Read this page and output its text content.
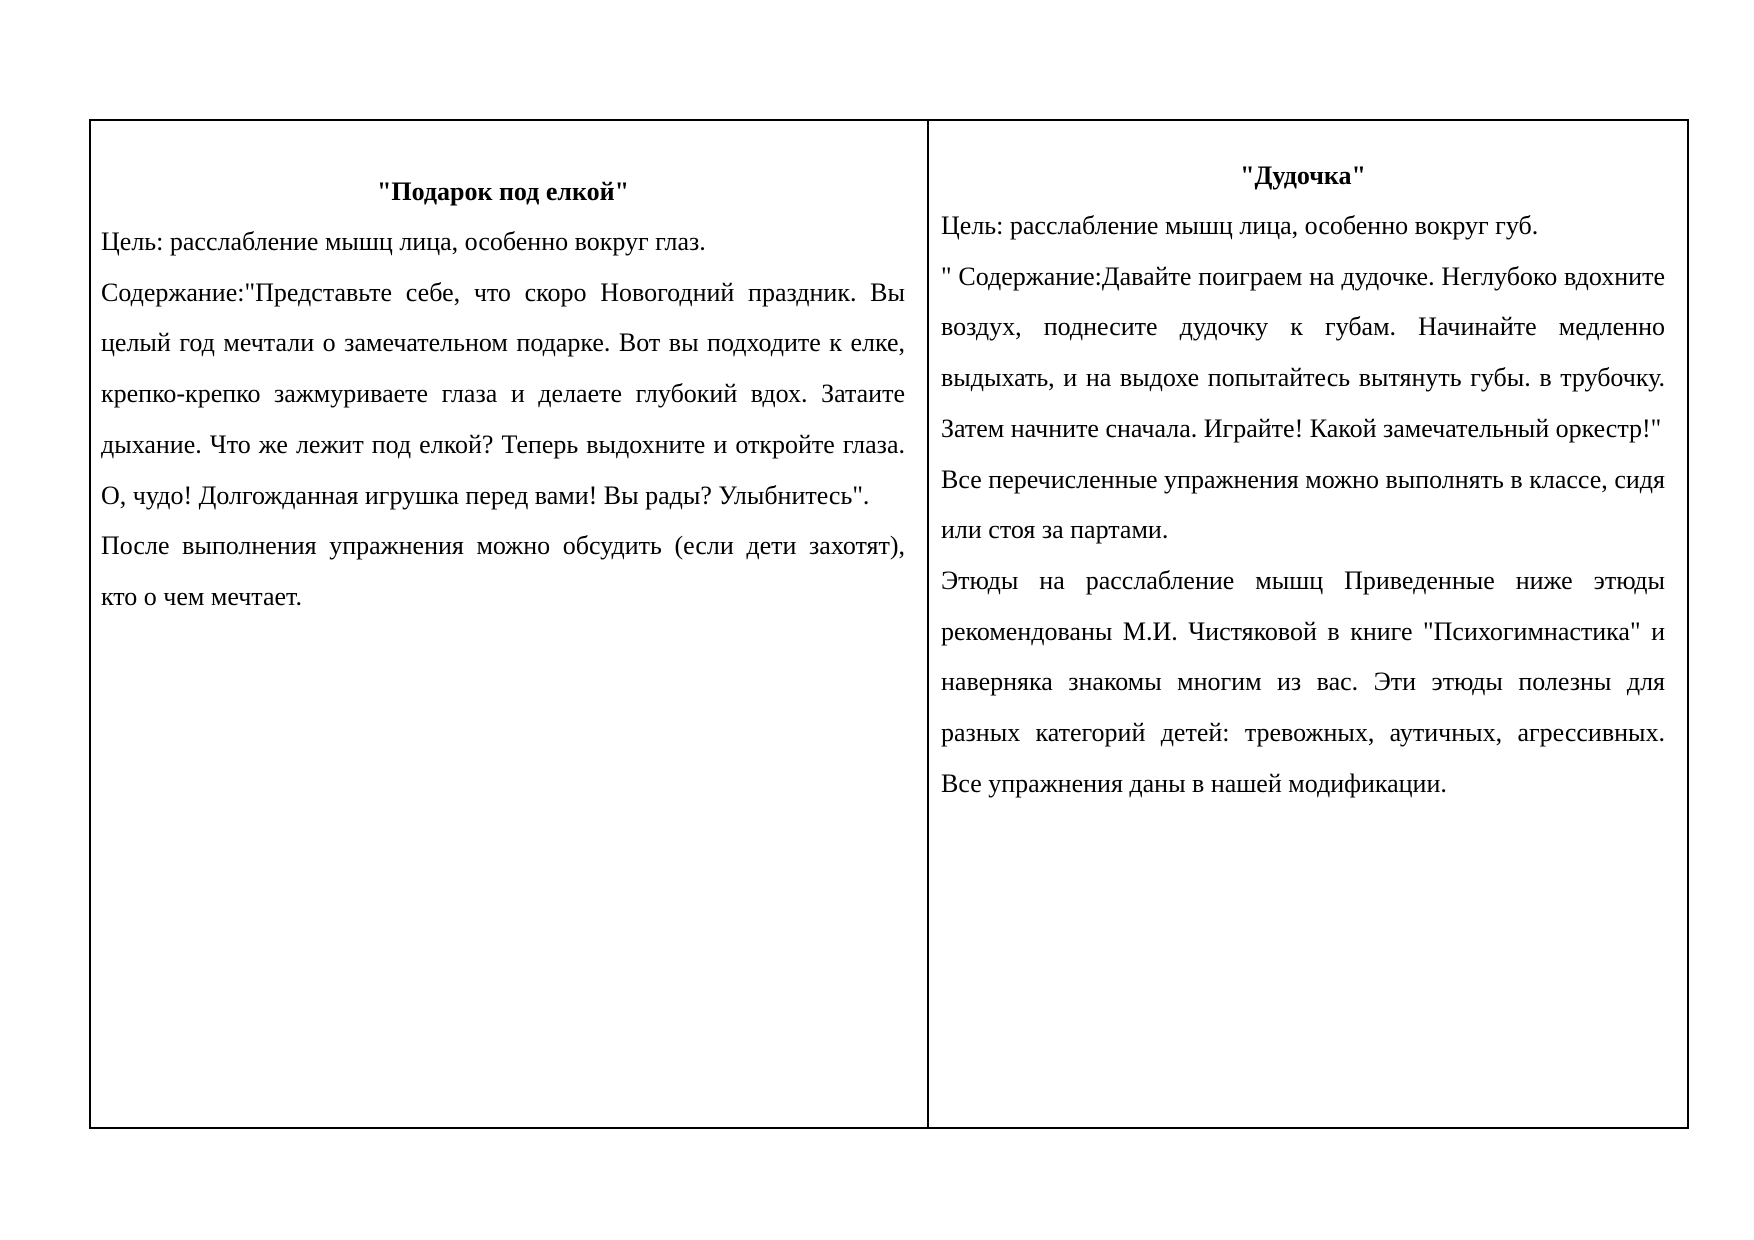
"Подарок под елкой"

Цель: расслабление мышц лица, особенно вокруг глаз.

Содержание:"Представьте себе, что скоро Новогодний праздник. Вы целый год мечтали о замечательном подарке. Вот вы подходите к елке, крепко-крепко зажмуриваете глаза и делаете глубокий вдох. Затаите дыхание. Что же лежит под елкой? Теперь выдохните и откройте глаза. О, чудо! Долгожданная игрушка перед вами! Вы рады? Улыбнитесь".

После выполнения упражнения можно обсудить (если дети захотят), кто о чем мечтает.

"Дудочка"

Цель: расслабление мышц лица, особенно вокруг губ.

" Содержание:Давайте поиграем на дудочке. Неглубоко вдохните воздух, поднесите дудочку к губам. Начинайте медленно выдыхать, и на выдохе попытайтесь вытянуть губы. в трубочку. Затем начните сначала. Играйте! Какой замечательный оркестр!"

Все перечисленные упражнения можно выполнять в классе, сидя или стоя за партами.

Этюды на расслабление мышц Приведенные ниже этюды рекомендованы М.И. Чистяковой в книге "Психогимнастика" и наверняка знакомы многим из вас. Эти этюды полезны для разных категорий детей: тревожных, аутичных, агрессивных. Все упражнения даны в нашей модификации.
